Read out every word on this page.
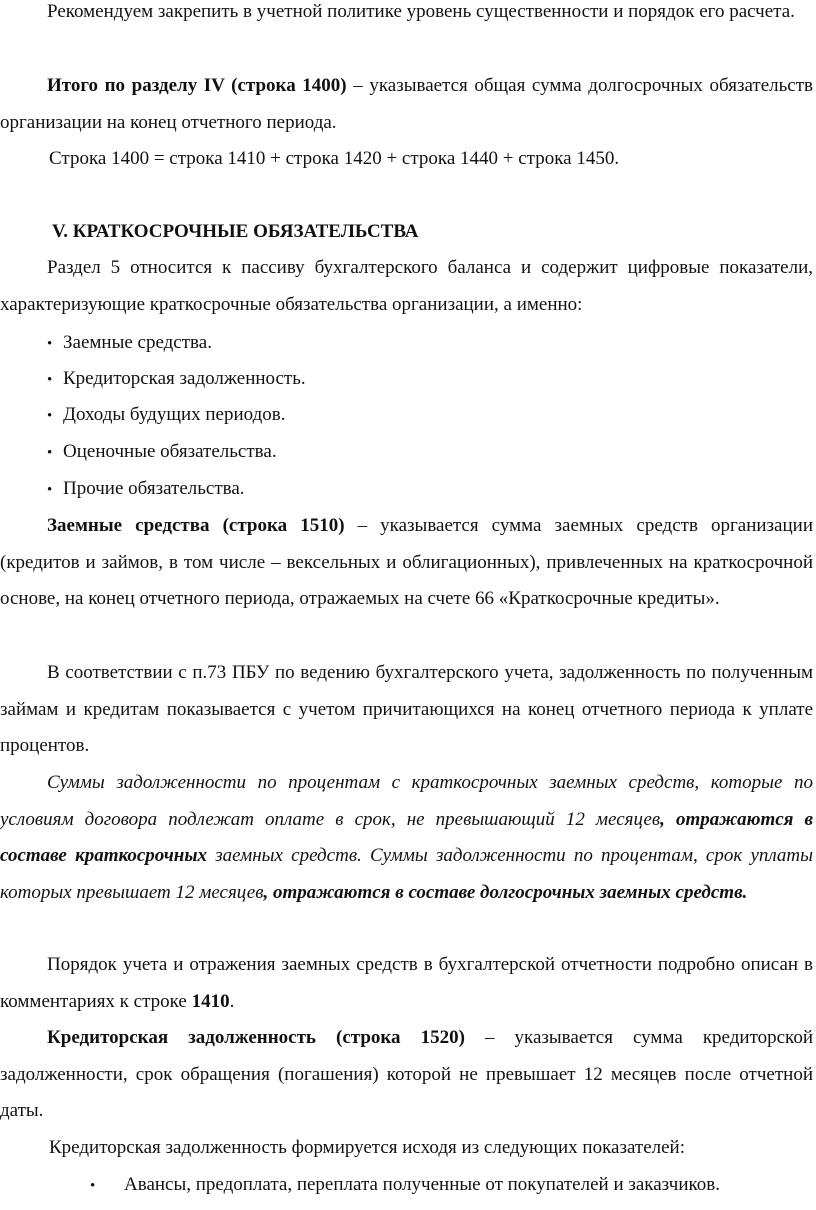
Рекомендуем закрепить в учетной политике уровень существенности и порядок его расчета.

Итого по разделу IV (строка 1400) – указывается общая сумма долгосрочных обязательств организации на конец отчетного периода.

Строка 1400 = строка 1410 + строка 1420 + строка 1440 + строка 1450.

V. КРАТКОСРОЧНЫЕ ОБЯЗАТЕЛЬСТВА

Раздел 5 относится к пассиву бухгалтерского баланса и содержит цифровые показатели, характеризующие краткосрочные обязательства организации, а именно:

• Заемные средства.
• Кредиторская задолженность.
• Доходы будущих периодов.
• Оценочные обязательства.
• Прочие обязательства.

Заемные средства (строка 1510) – указывается сумма заемных средств организации (кредитов и займов, в том числе – вексельных и облигационных), привлеченных на краткосрочной основе, на конец отчетного периода, отражаемых на счете 66 «Краткосрочные кредиты».

В соответствии с п.73 ПБУ по ведению бухгалтерского учета, задолженность по полученным займам и кредитам показывается с учетом причитающихся на конец отчетного периода к уплате процентов.

Суммы задолженности по процентам с краткосрочных заемных средств, которые по условиям договора подлежат оплате в срок, не превышающий 12 месяцев, отражаются в составе краткосрочных заемных средств. Суммы задолженности по процентам, срок уплаты которых превышает 12 месяцев, отражаются в составе долгосрочных заемных средств.

Порядок учета и отражения заемных средств в бухгалтерской отчетности подробно описан в комментариях к строке 1410.

Кредиторская задолженность (строка 1520) – указывается сумма кредиторской задолженности, срок обращения (погашения) которой не превышает 12 месяцев после отчетной даты.

Кредиторская задолженность формируется исходя из следующих показателей:

• Авансы, предоплата, переплата полученные от покупателей и заказчиков.
